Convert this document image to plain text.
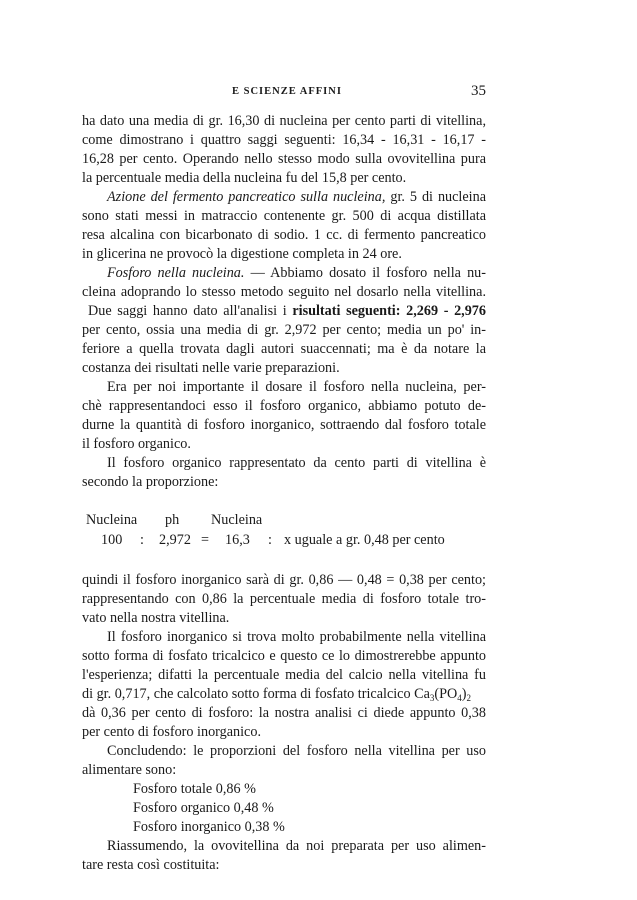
E SCIENZE AFFINI	35
ha dato una media di gr. 16,30 di nucleina per cento parti di vitellina,
come dimostrano i quattro saggi seguenti: 16,34 - 16,31 - 16,17 -
16,28 per cento. Operando nello stesso modo sulla ovovitellina pura
la percentuale media della nucleina fu del 15,8 per cento.
Azione del fermento pancreatico sulla nucleina, gr. 5 di nucleina
sono stati messi in matraccio contenente gr. 500 di acqua distillata
resa alcalina con bicarbonato di sodio. 1 cc. di fermento pancreatico
in glicerina ne provocò la digestione completa in 24 ore.
Fosforo nella nucleina. — Abbiamo dosato il fosforo nella nu-
cleina adoprando lo stesso metodo seguito nel dosarlo nella vitellina.
Due saggi hanno dato all'analisi i risultati seguenti: 2,269 - 2,976
per cento, ossia una media di gr. 2,972 per cento; media un po' in-
feriore a quella trovata dagli autori suaccennati; ma è da notare la
costanza dei risultati nelle varie preparazioni.
Era per noi importante il dosare il fosforo nella nucleina, per-
chè rappresentandoci esso il fosforo organico, abbiamo potuto de-
durne la quantità di fosforo inorganico, sottraendo dal fosforo totale
il fosforo organico.
Il fosforo organico rappresentato da cento parti di vitellina è
secondo la proporzione:
Nucleina ph Nucleina
100 : 2,972 = 16,3 : x uguale a gr. 0,48 per cento
quindi il fosforo inorganico sarà di gr. 0,86 — 0,48 = 0,38 per cento;
rappresentando con 0,86 la percentuale media di fosforo totale tro-
vato nella nostra vitellina.
Il fosforo inorganico si trova molto probabilmente nella vitellina
sotto forma di fosfato tricalcico e questo ce lo dimostrerebbe appunto
l'esperienza; difatti la percentuale media del calcio nella vitellina fu
di gr. 0,717, che calcolato sotto forma di fosfato tricalcico $Ca_3(PO_4)_2$
dà 0,36 per cento di fosforo: la nostra analisi ci diede appunto 0,38
per cento di fosforo inorganico.
Concludendo: le proporzioni del fosforo nella vitellina per uso
alimentare sono:
Fosforo totale 0,86 %
Fosforo organico 0,48 %
Fosforo inorganico 0,38 %
Riassumendo, la ovovitellina da noi preparata per uso alimen-
tare resta così costituita:
